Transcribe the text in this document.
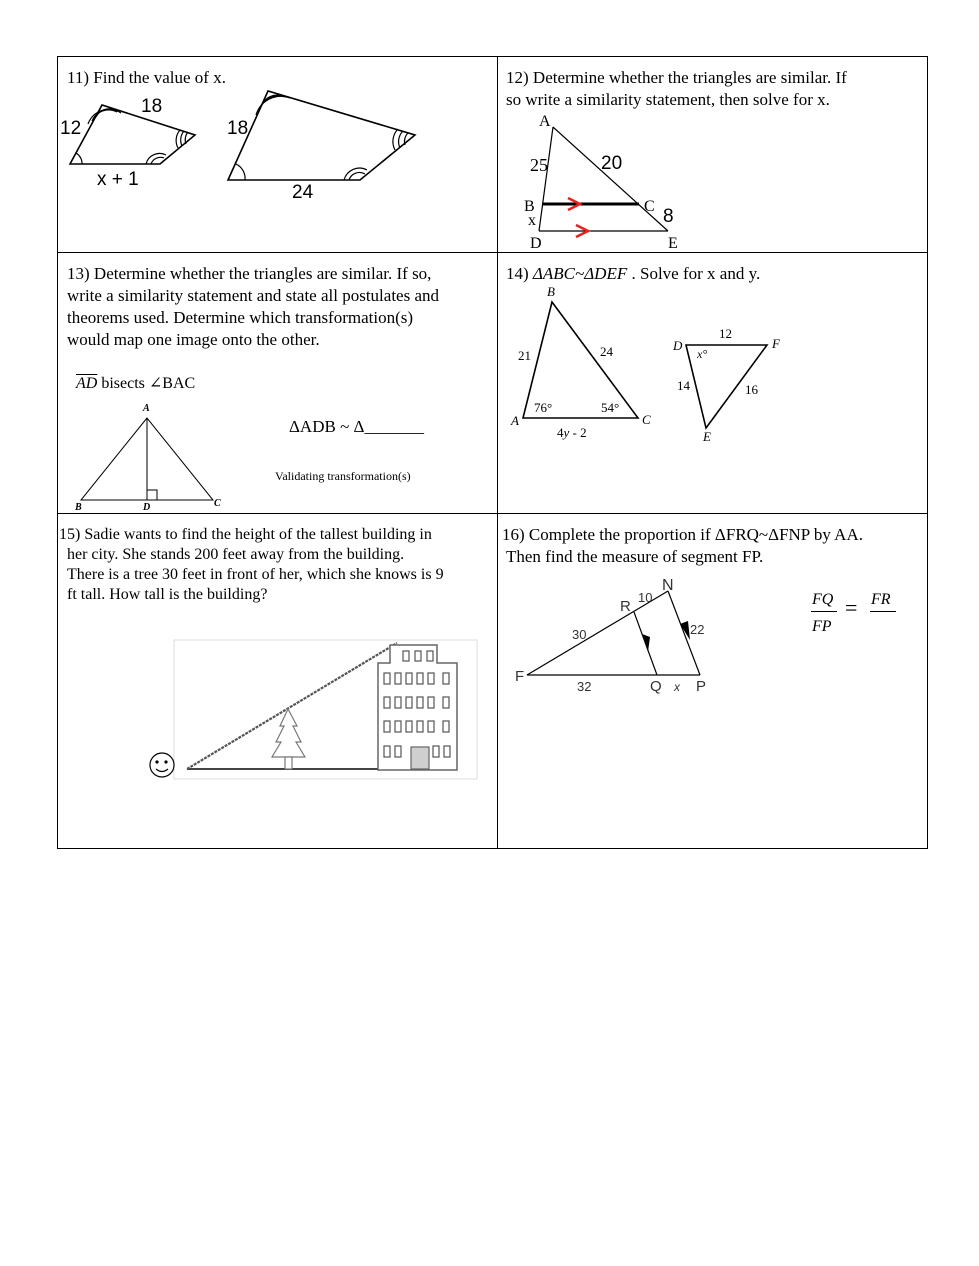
11) Find the value of x.
18
12
x + 1
18
24
12) Determine whether the triangles are similar. If
so write a similarity statement, then solve for x.
A
B	C
x
D	E
25	20
8
13) Determine whether the triangles are similar. If so,
write a similarity statement and state all postulates and
theorems used. Determine which transformation(s)
would map one image onto the other.
$\overline{AD}$ bisects ∠BAC
ΔADB ~ Δ_______
Validating transformation(s)
A
B	D	C
14) ΔABC~ΔDEF . Solve for x and y.
B
A	C
21	24
76°	54°
4y - 2
D	F
E
12
14	16
x°
15) Sadie wants to find the height of the tallest building in
her city. She stands 200 feet away from the building.
There is a tree 30 feet in front of her, which she knows is 9
ft tall. How tall is the building?
16) Complete the proportion if ΔFRQ~ΔFNP by AA.
Then find the measure of segment FP.
N
R
10
30	22
F
32	Q x P
FQ
FP
= FR
